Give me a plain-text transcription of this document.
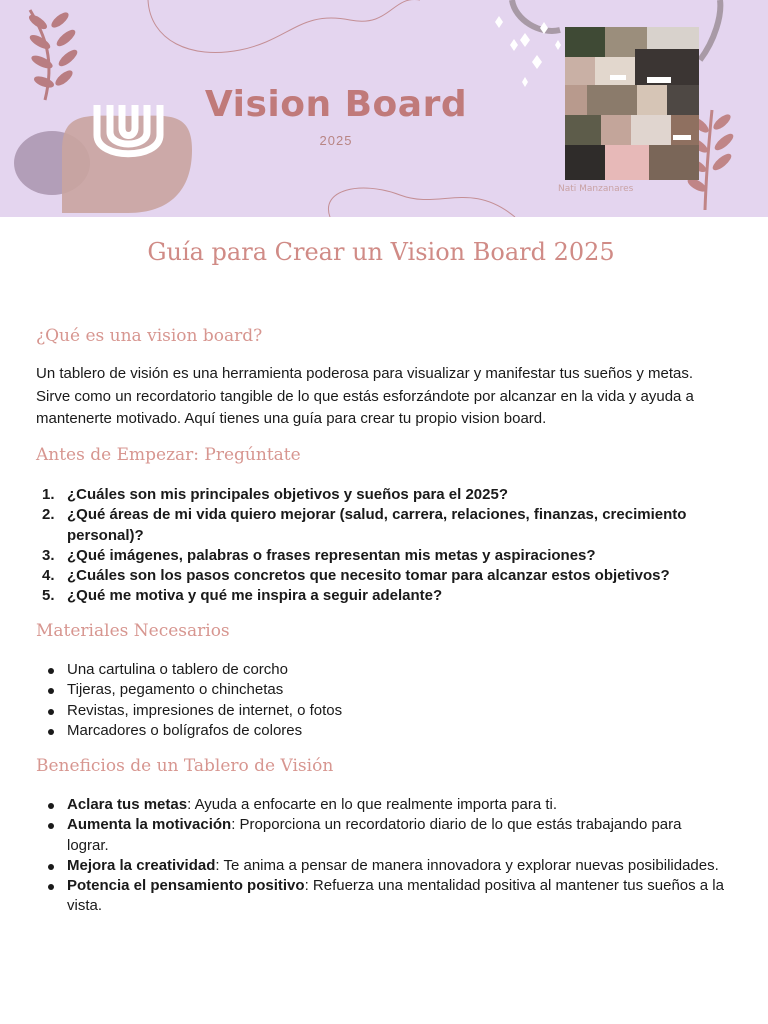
Vision Board
2025
Nati Manzanares
Guía para Crear un Vision Board 2025
¿Qué es una vision board?

Un tablero de visión es una herramienta poderosa para visualizar y manifestar tus sueños y metas. Sirve como un recordatorio tangible de lo que estás esforzándote por alcanzar en la vida y ayuda a mantenerte motivado. Aquí tienes una guía para crear tu propio vision board.

Antes de Empezar: Pregúntate
1. ¿Cuáles son mis principales objetivos y sueños para el 2025?
2. ¿Qué áreas de mi vida quiero mejorar (salud, carrera, relaciones, finanzas, crecimiento personal)?
3. ¿Qué imágenes, palabras o frases representan mis metas y aspiraciones?
4. ¿Cuáles son los pasos concretos que necesito tomar para alcanzar estos objetivos?
5. ¿Qué me motiva y qué me inspira a seguir adelante?
Materiales Necesarios
Una cartulina o tablero de corcho
Tijeras, pegamento o chinchetas
Revistas, impresiones de internet, o fotos
Marcadores o bolígrafos de colores
Beneficios de un Tablero de Visión
Aclara tus metas: Ayuda a enfocarte en lo que realmente importa para ti.
Aumenta la motivación: Proporciona un recordatorio diario de lo que estás trabajando para lograr.
Mejora la creatividad: Te anima a pensar de manera innovadora y explorar nuevas posibilidades.
Potencia el pensamiento positivo: Refuerza una mentalidad positiva al mantener tus sueños a la vista.
